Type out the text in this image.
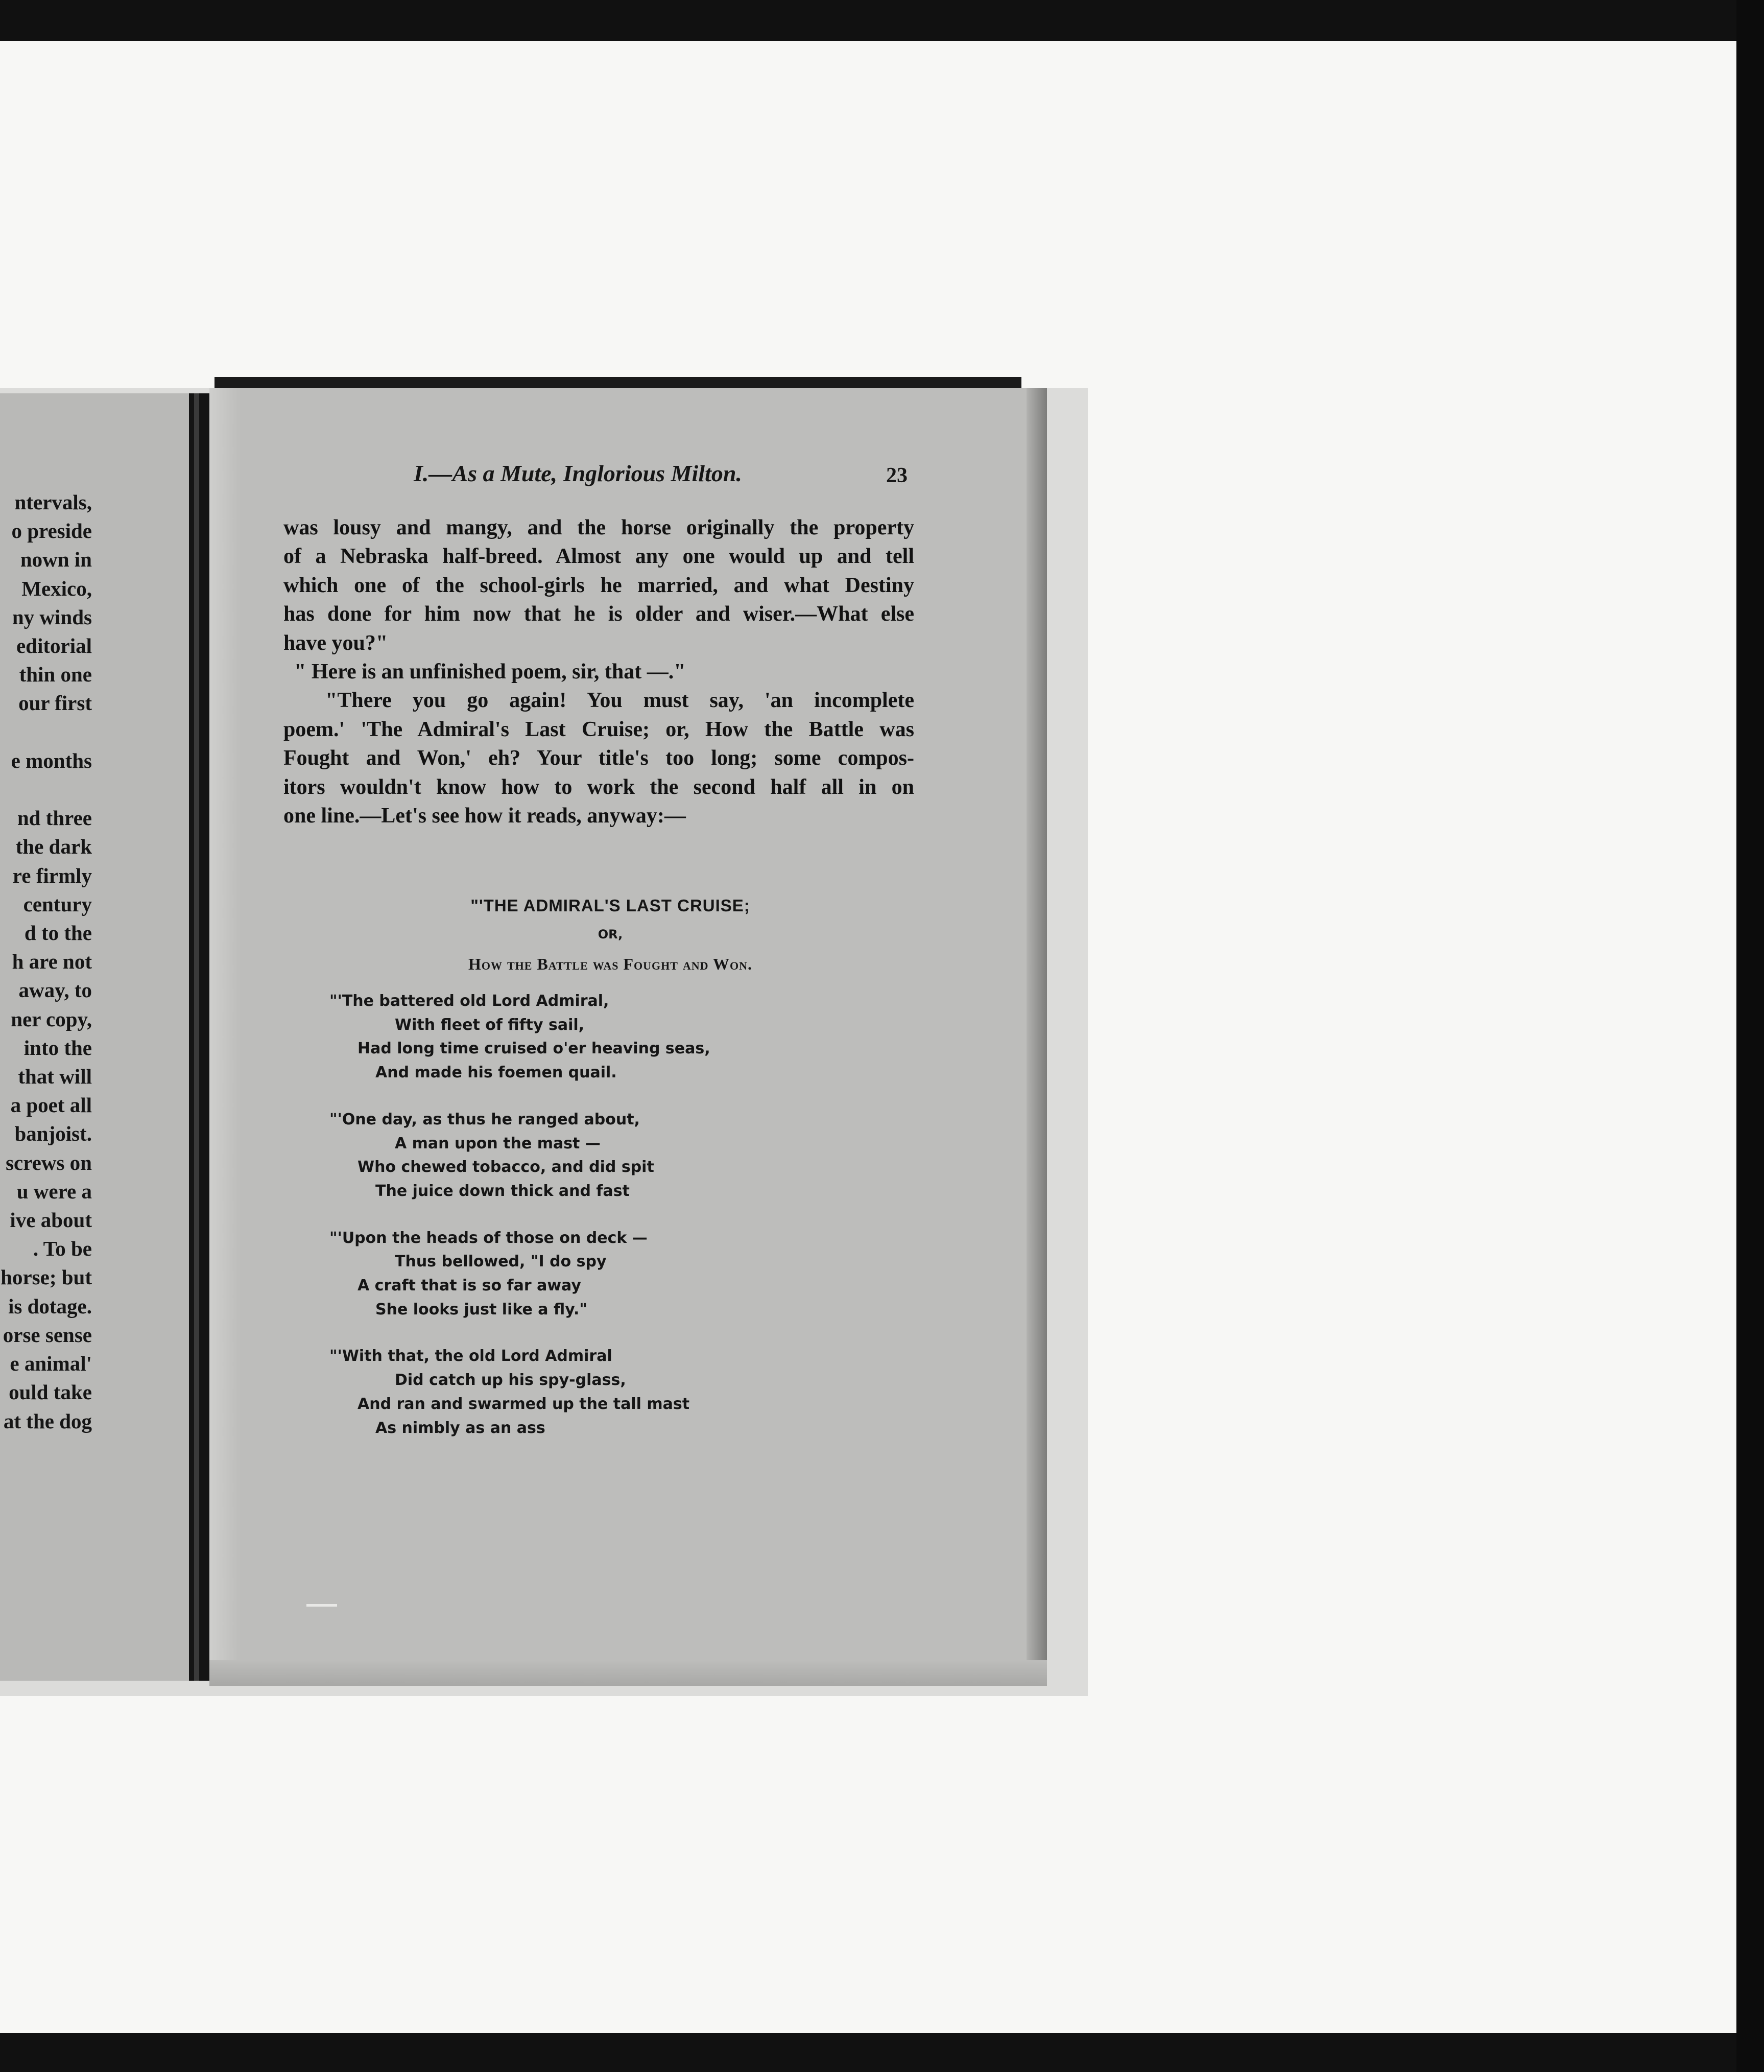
ntervals,
o preside
nown in
Mexico,
ny winds
editorial
thin one
our first

e months

nd three
the dark
re firmly
century
d to the
h are not
away, to
ner copy,
into the
that will
a poet all
banjoist.
screws on
u were a
ive about
. To be
horse; but
is dotage.
orse sense
e animal'
ould take
at the dog
I.—As a Mute, Inglorious Milton.	23
was lousy and mangy, and the horse originally the property
of a Nebraska half-breed. Almost any one would up and tell
which one of the school-girls he married, and what Destiny
has done for him now that he is older and wiser.—What else
have you?"
" Here is an unfinished poem, sir, that —."
"There you go again! You must say, 'an incomplete
poem.' 'The Admiral's Last Cruise; or, How the Battle was
Fought and Won,' eh? Your title's too long; some compos-
itors wouldn't know how to work the second half all in on
one line.—Let's see how it reads, anyway:—
"'THE ADMIRAL'S LAST CRUISE;
OR,
How the Battle was Fought and Won.
"'The battered old Lord Admiral,
With fleet of fifty sail,
Had long time cruised o'er heaving seas,
And made his foemen quail.
"'One day, as thus he ranged about,
A man upon the mast —
Who chewed tobacco, and did spit
The juice down thick and fast
"'Upon the heads of those on deck —
Thus bellowed, "I do spy
A craft that is so far away
She looks just like a fly."
"'With that, the old Lord Admiral
Did catch up his spy-glass,
And ran and swarmed up the tall mast
As nimbly as an ass
